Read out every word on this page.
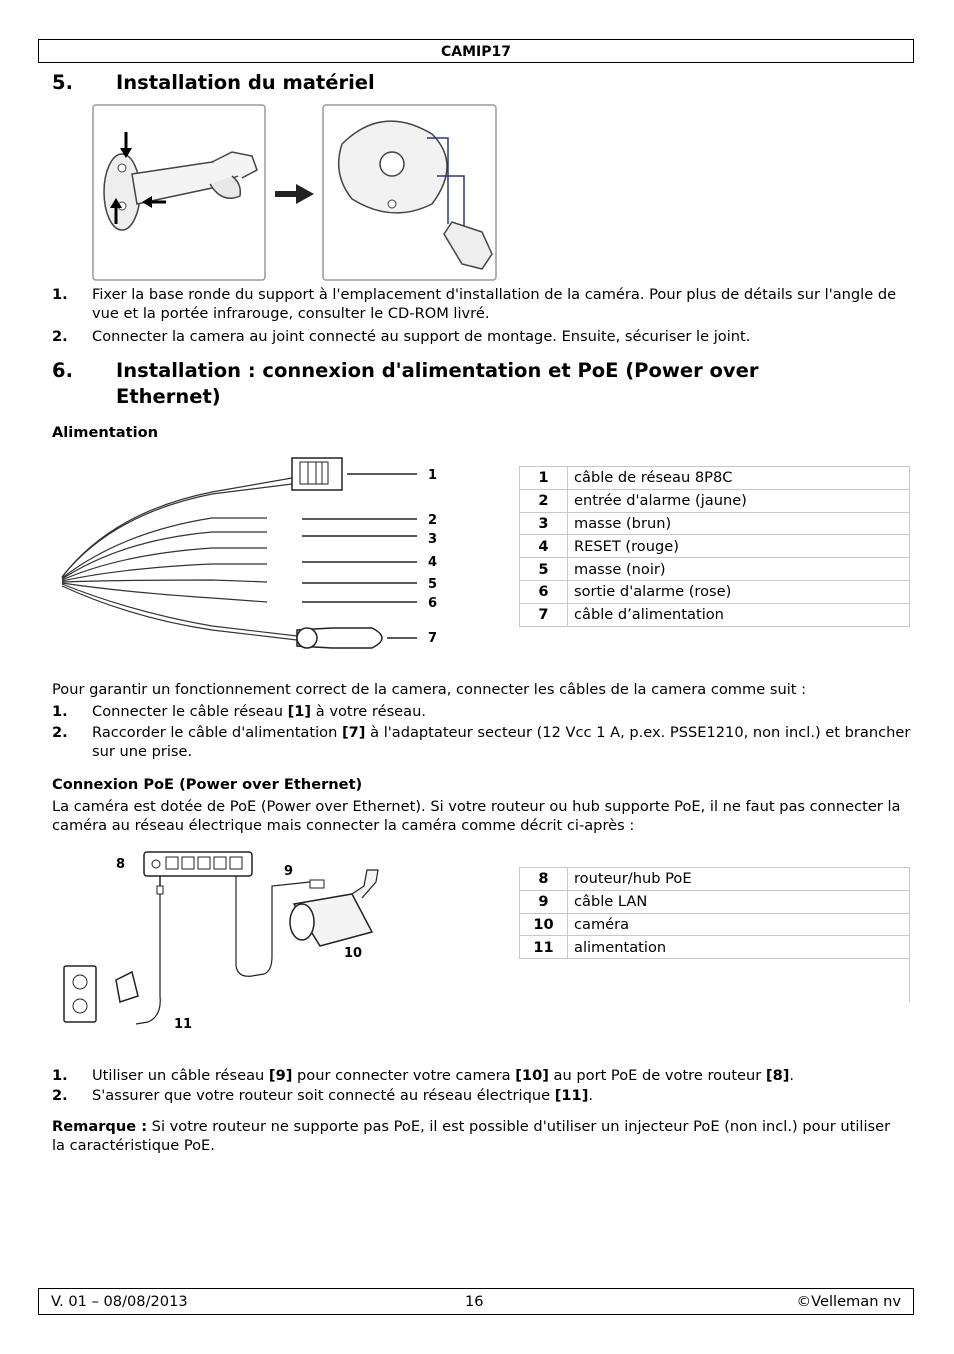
CAMIP17
5. Installation du matériel
1. Fixer la base ronde du support à l'emplacement d'installation de la caméra. Pour plus de détails sur l'angle de vue et la portée infrarouge, consulter le CD-ROM livré.
2. Connecter la camera au joint connecté au support de montage. Ensuite, sécuriser le joint.
6. Installation : connexion d'alimentation et PoE (Power over Ethernet)
Alimentation
1
2
3
4
5
6
7
1	câble de réseau 8P8C
2	entrée d'alarme (jaune)
3	masse (brun)
4	RESET (rouge)
5	masse (noir)
6	sortie d'alarme (rose)
7	câble d’alimentation
Pour garantir un fonctionnement correct de la camera, connecter les câbles de la camera comme suit :
1. Connecter le câble réseau [1] à votre réseau.
2. Raccorder le câble d'alimentation [7] à l'adaptateur secteur (12 Vcc 1 A, p.ex. PSSE1210, non incl.) et brancher sur une prise.
Connexion PoE (Power over Ethernet)
La caméra est dotée de PoE (Power over Ethernet). Si votre routeur ou hub supporte PoE, il ne faut pas connecter la caméra au réseau électrique mais connecter la caméra comme décrit ci-après :
8	9
10
11
8	routeur/hub PoE
9	câble LAN
10	caméra
11	alimentation
1. Utiliser un câble réseau [9] pour connecter votre camera [10] au port PoE de votre routeur [8].
2. S'assurer que votre routeur soit connecté au réseau électrique [11].
Remarque : Si votre routeur ne supporte pas PoE, il est possible d'utiliser un injecteur PoE (non incl.) pour utiliser la caractéristique PoE.
V. 01 – 08/08/2013	16	©Velleman nv
